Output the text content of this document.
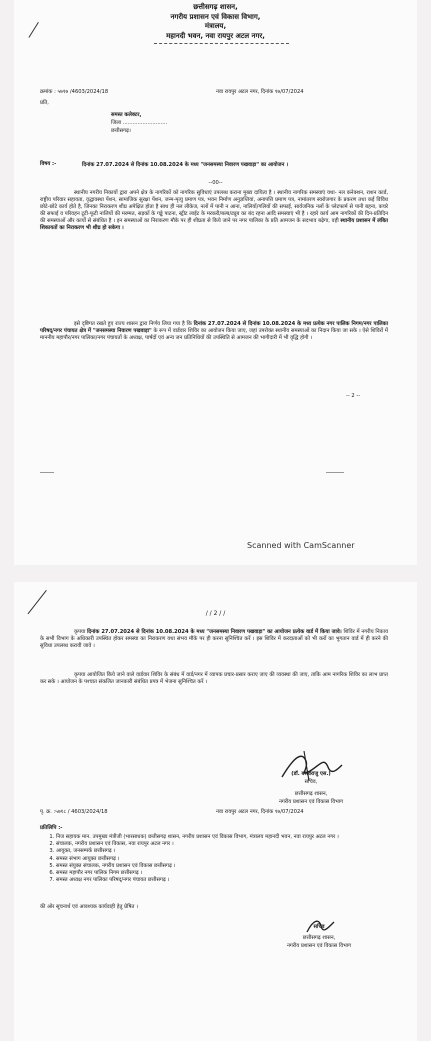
छत्तीसगढ़ शासन,
नगरीय प्रशासन एवं विकास विभाग,
मंत्रालय,
महानदी भवन, नवा रायपुर अटल नगर,
क्रमांक : ५७१७ /4603/2024/18	नवा रायपुर अटल नगर, दिनांक १७/07/2024
प्रति,
समस्त कलेक्टर,
जिला ...........................
छत्तीसगढ़।
विषय :-	दिनांक 27.07.2024 से दिनांक 10.08.2024 के मध्य "जनसमस्या निवारण पखवाड़ा" का आयोजन ।
--00--
स्थानीय नगरीय निकायों द्वारा अपने क्षेत्र के नागरिकों को नागरिक सुविधाएं उपलब्ध कराना मुख्य दायित्व है । स्थानीय नागरिक समस्याएं यथा- नल कनेक्शन, राशन कार्ड, राष्ट्रीय परिवार सहायता, वृद्धावस्था पेंशन, सामाजिक सुरक्षा पेंशन, जन्म-मृत्यु प्रमाण पत्र, भवन निर्माण अनुज्ञप्तियां, अनापत्ति प्रमाण पत्र, नामांतरण स्वरोजगार के प्रकरण तथा कई विविध छोटे-छोटे कार्य होते है, जिनका निराकरण शीघ्र अपेक्षित होता है साथ ही नल लीकेज, नलों में पानी न आना, नालियों/गलियों की सफाई, सार्वजनिक नलों के प्लेटफार्म से पानी बहना, कचरे की सफाई व परिवहन टूटी-फूटी नालियों की मरम्मत, सड़कों के गड्ढे पाटना, स्ट्रीट लाईट के मरकरी/बल्ब/ट्यूब का बंद रहना आदि समस्याएं भी है । रहारे कार्य आम नागरिकों की दिन-प्रतिदिन की समस्याओं और कार्यो से संबंधित है । इन समस्याओं का निराकरण मौके पर ही शीघ्रता से किये जाने पर नगर पालिका के प्रति आमजन के सदभाव बढ़ेगा, वही स्थानीय प्रशासन में लंबित शिकायतों का निराकरण भी शीघ्र हो सकेगा ।
इसे दृष्टिगत रखते हुए राज्य शासन द्वारा निर्णय लिया गया है कि दिनांक 27.07.2024 से दिनांक 10.08.2024 के मध्य प्रत्येक नगर पालिक निगम/नगर पालिका परिषद्/नगर पंचायत क्षेत्र में "जनसमस्या निवारण पखवाड़ा" के रूप में वार्डवार शिविर का आयोजन किया जाए, जहां उपरोक्त स्थानीय समस्याओं का निदान किया जा सके । ऐसे शिविरों में माननीय महापौर/नगर पालिका/नगर पंचायतों के अध्यक्ष, पार्षदों एवं अन्य जन प्रतिनिधियों की उपस्थिति से आमजन की भागीदारी में भी वृद्धि होगी ।
-- 2 --
Scanned with CamScanner
/ / 2 / /
कृपया दिनांक 27.07.2024 से दिनांक 10.08.2024 के मध्य "जनसमस्या निवारण पखवाड़ा" का आयोजन प्रत्येक वार्ड में किया जावे। शिविर में नगरीय निकाय के सभी विभाग के अधिकारी उपस्थित होकर समस्या का निराकरण यथा संभव मौके पर ही करना सुनिश्चित करें । इस शिविर में करदाताओं को भी करों का भुगतान वार्ड में ही करने की सुविधा उपलब्ध करायी जावे ।
कृपया आयोजित किये जाने वाले वार्डवार शिविर के संबंध में वार्ड/नगर में व्यापक प्रचार-प्रसार कराए जाए की व्यवस्था की जाए, ताकि आम नागरिक शिविर का लाभ प्राप्त कर सके । आयोजन के पश्चात संकलित जानकारी संबंधित प्रपत्र में भेजना सुनिश्चित करें ।
(डॉ. बसवराजु एस.)
सचिव,
छत्तीसगढ़ शासन,
नगरीय प्रशासन एवं विकास विभाग
पृ. क्र. :५७१८ / 4603/2024/18	नवा रायपुर अटल नगर, दिनांक १७/07/2024
प्रतिलिपि :-
1. निज सहायक मान. उपमुख्य मंत्रीजी (भारसाधक) छत्तीसगढ़ शासन, नगरीय प्रशासन एवं विकास विभाग, मंत्रालय महानदी भवन, नवा रायपुर अटल नगर ।
2. संचालक, नगरीय प्रशासन एवं विकास, नवा रायपुर अटल नगर ।
3. आयुक्त, जनसम्पर्क छत्तीसगढ़ ।
4. समस्त संभाग आयुक्त छत्तीसगढ़ ।
5. समस्त संयुक्त संचालक, नगरीय प्रशासन एवं विकास छत्तीसगढ़ ।
6. समस्त महापौर नगर पालिक निगम छत्तीसगढ़ ।
7. समस्त अध्यक्ष नगर पालिका परिषद्/नगर पंचायत छत्तीसगढ़ ।
की ओर सूचनार्थ एवं आवश्यक कार्यवाही हेतु प्रेषित ।
सचिव
छत्तीसगढ़ शासन,
नगरीय प्रशासन एवं विकास विभाग
